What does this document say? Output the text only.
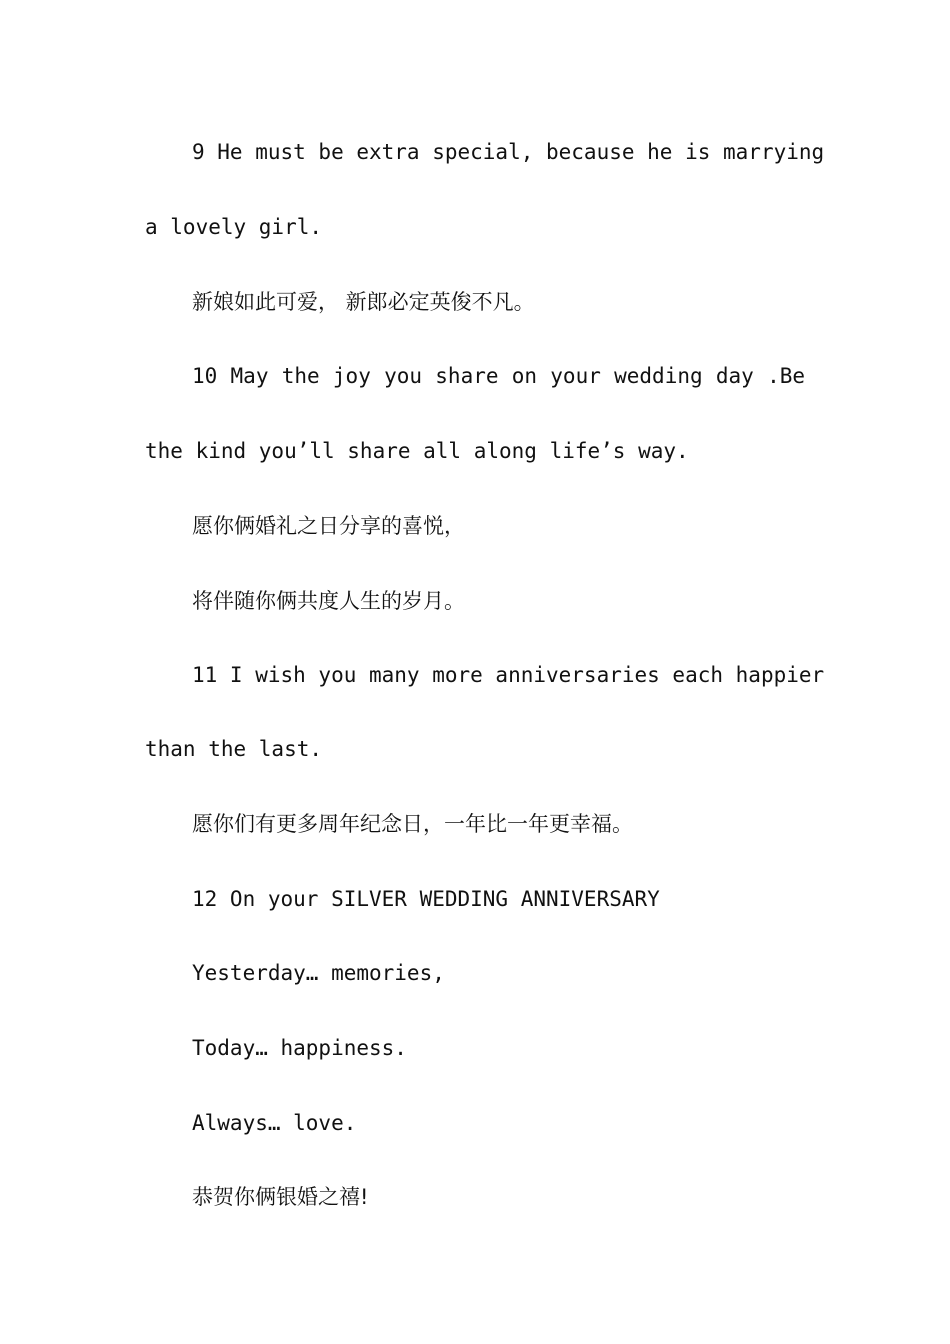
9 He must be extra special, because he is marrying
a lovely girl.
新娘如此可爱， 新郎必定英俊不凡。
10 May the joy you share on your wedding day .Be
the kind you’ll share all along life’s way.
愿你俩婚礼之日分享的喜悦，
将伴随你俩共度人生的岁月。
11 I wish you many more anniversaries each happier
than the last.
愿你们有更多周年纪念日，一年比一年更幸福。
12 On your SILVER WEDDING ANNIVERSARY
Yesterday… memories,
Today… happiness.
Always… love.
恭贺你俩银婚之禧!
